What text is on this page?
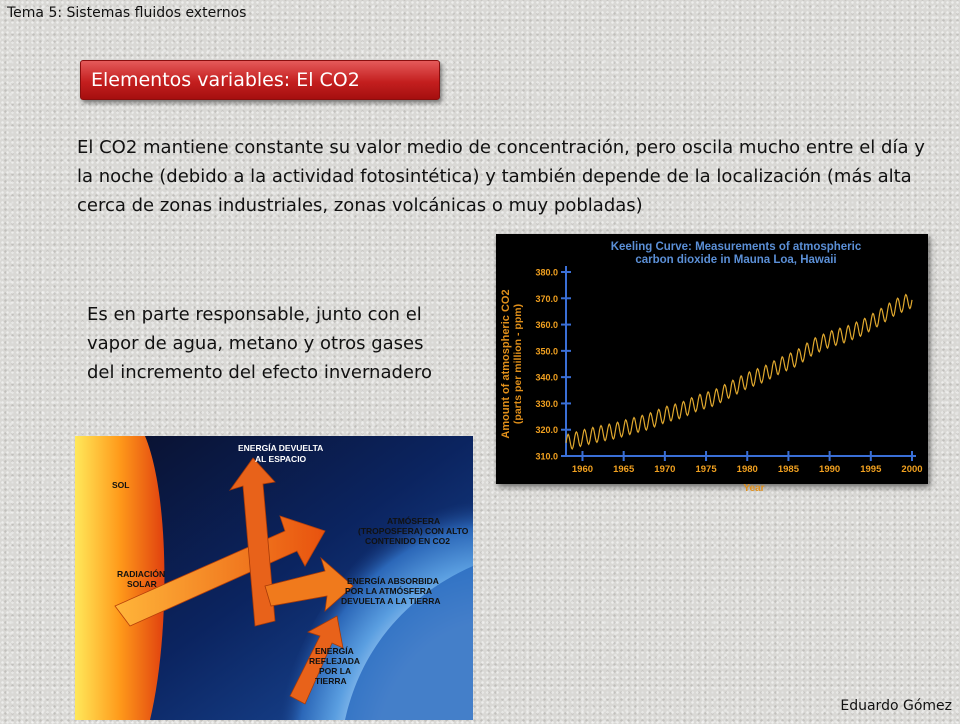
Tema 5: Sistemas fluidos externos
Elementos variables: El CO2
El CO2 mantiene constante su valor medio de concentración, pero oscila mucho entre el día y la noche (debido a la actividad fotosintética) y también depende de la localización (más alta cerca de zonas industriales, zonas volcánicas o muy pobladas)
Keeling Curve: Measurements of atmospheric
carbon dioxide in Mauna Loa, Hawaii
Amount of atmospheric CO2 (parts per million - ppm)
Year
380.0
370.0
360.0
350.0
340.0
330.0
320.0
310.0
1960 1965 1970 1975 1980 1985 1990 1995 2000
Es en parte responsable, junto con el vapor de agua, metano y otros gases del incremento del efecto invernadero
SOL
RADIACIÓN
SOLAR
ENERGÍA DEVUELTA
AL ESPACIO
ATMÓSFERA
(TROPOSFERA) CON ALTO
CONTENIDO EN CO2
ENERGÍA ABSORBIDA
POR LA ATMÓSFERA
DEVUELTA A LA TIERRA
ENERGÍA
REFLEJADA
POR LA
TIERRA
Eduardo Gómez
